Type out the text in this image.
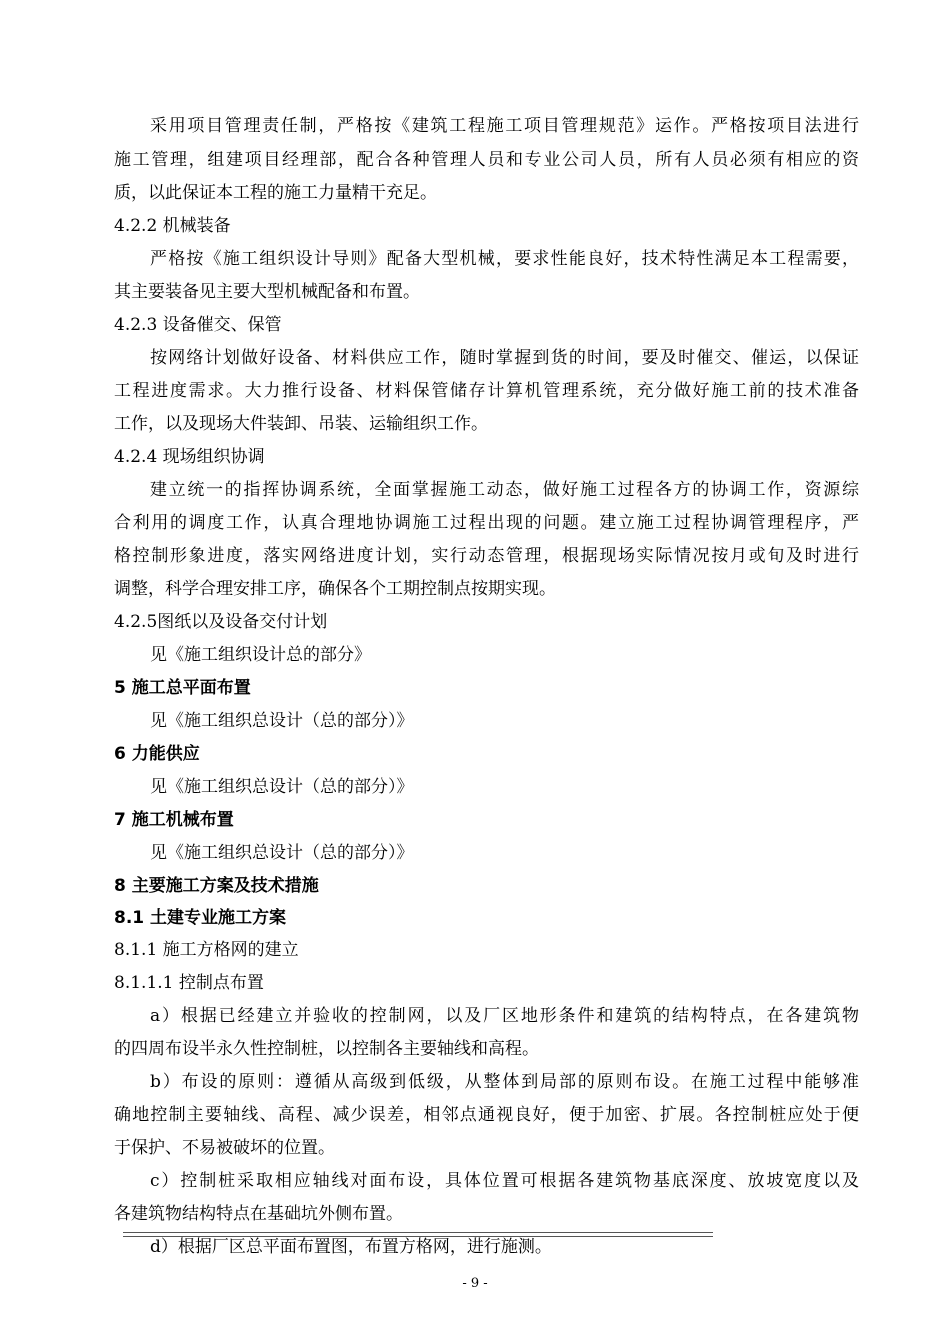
采用项目管理责任制，严格按《建筑工程施工项目管理规范》运作。严格按项目法进行
施工管理，组建项目经理部，配合各种管理人员和专业公司人员，所有人员必须有相应的资
质，以此保证本工程的施工力量精干充足。
4.2.2 机械装备
严格按《施工组织设计导则》配备大型机械，要求性能良好，技术特性满足本工程需要，
其主要装备见主要大型机械配备和布置。
4.2.3 设备催交、保管
按网络计划做好设备、材料供应工作，随时掌握到货的时间，要及时催交、催运，以保证
工程进度需求。大力推行设备、材料保管储存计算机管理系统，充分做好施工前的技术准备
工作，以及现场大件装卸、吊装、运输组织工作。
4.2.4 现场组织协调
建立统一的指挥协调系统，全面掌握施工动态，做好施工过程各方的协调工作，资源综
合利用的调度工作，认真合理地协调施工过程出现的问题。建立施工过程协调管理程序，严
格控制形象进度，落实网络进度计划，实行动态管理，根据现场实际情况按月或旬及时进行
调整，科学合理安排工序，确保各个工期控制点按期实现。
4.2.5图纸以及设备交付计划
见《施工组织设计总的部分》
5 施工总平面布置
见《施工组织总设计（总的部分）》
6 力能供应
见《施工组织总设计（总的部分）》
7 施工机械布置
见《施工组织总设计（总的部分）》
8 主要施工方案及技术措施
8.1 土建专业施工方案
8.1.1 施工方格网的建立
8.1.1.1 控制点布置
a）根据已经建立并验收的控制网，以及厂区地形条件和建筑的结构特点，在各建筑物
的四周布设半永久性控制桩，以控制各主要轴线和高程。
b）布设的原则：遵循从高级到低级，从整体到局部的原则布设。在施工过程中能够准
确地控制主要轴线、高程、减少误差，相邻点通视良好，便于加密、扩展。各控制桩应处于便
于保护、不易被破坏的位置。
c）控制桩采取相应轴线对面布设，具体位置可根据各建筑物基底深度、放坡宽度以及
各建筑物结构特点在基础坑外侧布置。
d）根据厂区总平面布置图，布置方格网，进行施测。
- 9 -
